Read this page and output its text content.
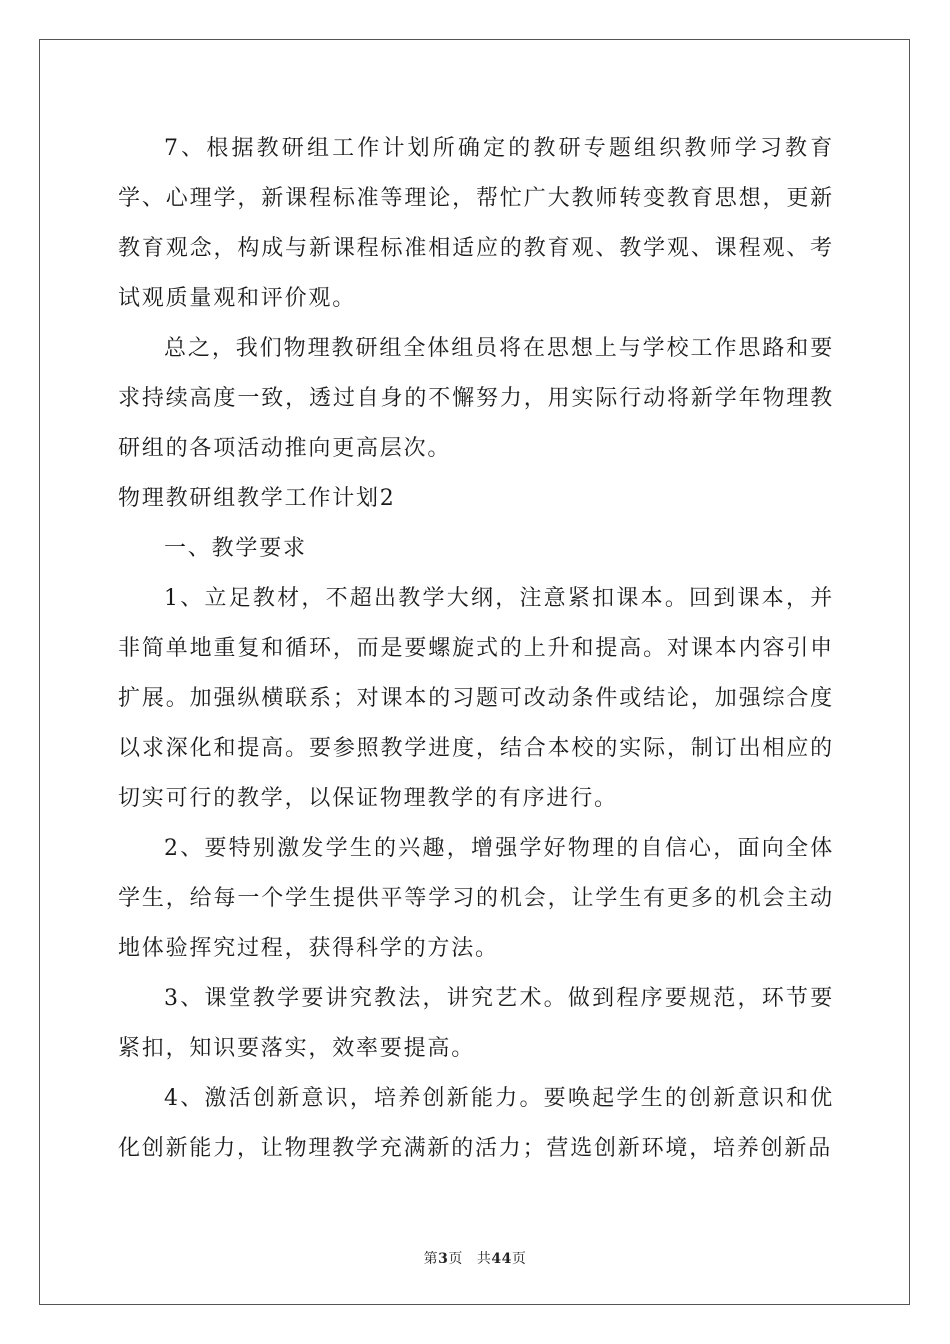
7、根据教研组工作计划所确定的教研专题组织教师学习教育学、心理学，新课程标准等理论，帮忙广大教师转变教育思想，更新教育观念，构成与新课程标准相适应的教育观、教学观、课程观、考试观质量观和评价观。

总之，我们物理教研组全体组员将在思想上与学校工作思路和要求持续高度一致，透过自身的不懈努力，用实际行动将新学年物理教研组的各项活动推向更高层次。

物理教研组教学工作计划2

一、教学要求

1、立足教材，不超出教学大纲，注意紧扣课本。回到课本，并非简单地重复和循环，而是要螺旋式的上升和提高。对课本内容引申扩展。加强纵横联系；对课本的习题可改动条件或结论，加强综合度以求深化和提高。要参照教学进度，结合本校的实际，制订出相应的切实可行的教学，以保证物理教学的有序进行。

2、要特别激发学生的兴趣，增强学好物理的自信心，面向全体学生，给每一个学生提供平等学习的机会，让学生有更多的机会主动地体验挥究过程，获得科学的方法。

3、课堂教学要讲究教法，讲究艺术。做到程序要规范，环节要紧扣，知识要落实，效率要提高。

4、激活创新意识，培养创新能力。要唤起学生的创新意识和优化创新能力，让物理教学充满新的活力；营选创新环境，培养创新品

第3页 共44页
